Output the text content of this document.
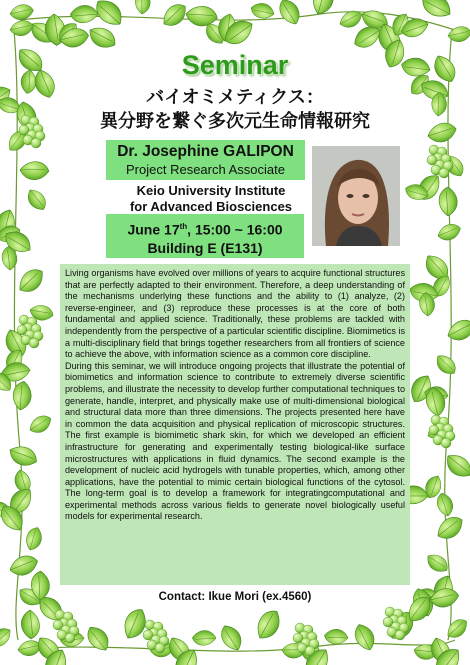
Seminar
バイオミメティクス：
異分野を繋ぐ多次元生命情報研究
Dr. Josephine GALIPON
Project Research Associate
Keio University Institute
for Advanced Biosciences
June 17th, 15:00 ~ 16:00
Building E (E131)

Living organisms have evolved over millions of years to acquire functional structures that are perfectly adapted to their environment. Therefore, a deep understanding of the mechanisms underlying these functions and the ability to (1) analyze, (2) reverse-engineer, and (3) reproduce these processes is at the core of both fundamental and applied science. Traditionally, these problems are tackled with independently from the perspective of a particular scientific discipline. Biomimetics is a multi-disciplinary field that brings together researchers from all frontiers of science to achieve the above, with information science as a common core discipline.

During this seminar, we will introduce ongoing projects that illustrate the potential of biomimetics and information science to contribute to extremely diverse scientific problems, and illustrate the necessity to develop further computational techniques to generate, handle, interpret, and physically make use of multi-dimensional biological and structural data more than three dimensions. The projects presented here have in common the data acquisition and physical replication of microscopic structures. The first example is biomimetic shark skin, for which we developed an efficient infrastructure for generating and experimentally testing biological-like surface microstructures with applications in fluid dynamics. The second example is the development of nucleic acid hydrogels with tunable properties, which, among other applications, have the potential to mimic certain biological functions of the cytosol. The long-term goal is to develop a framework for integratingcomputational and experimental methods across various fields to generate novel biologically useful models for experimental research.

Contact: Ikue Mori (ex.4560)
